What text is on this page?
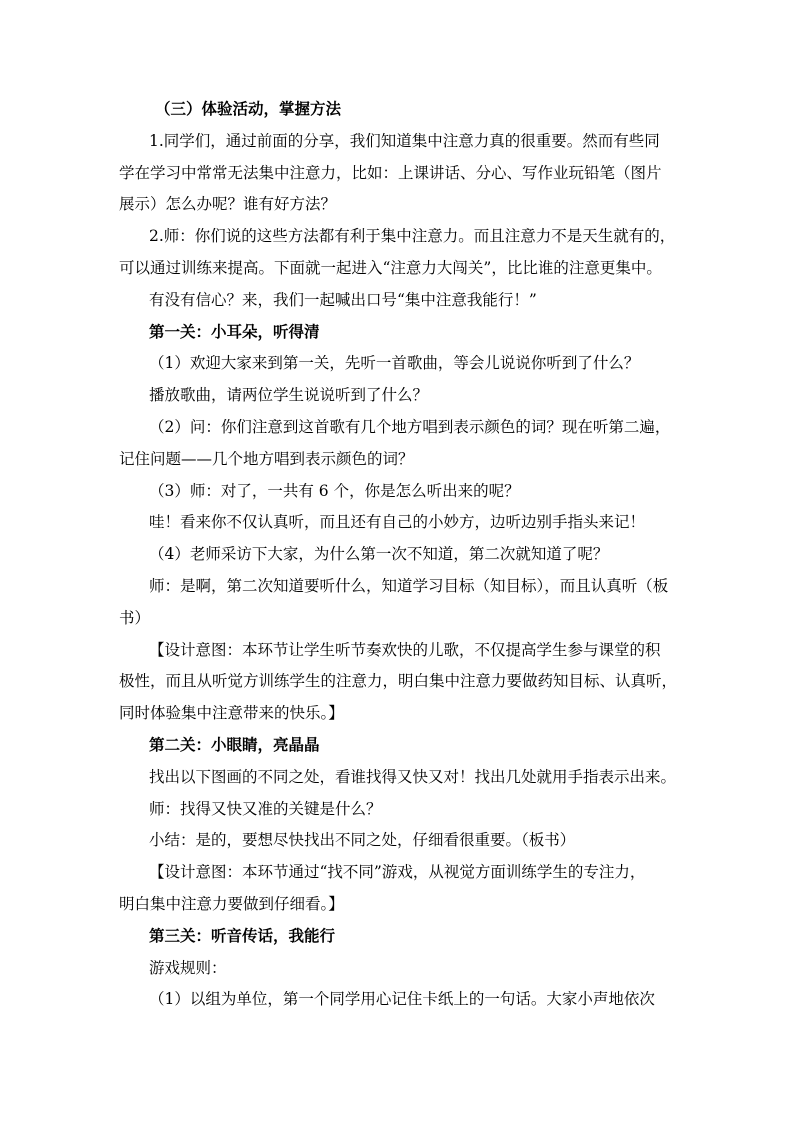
（三）体验活动，掌握方法
1.同学们，通过前面的分享，我们知道集中注意力真的很重要。然而有些同
学在学习中常常无法集中注意力，比如：上课讲话、分心、写作业玩铅笔（图片
展示）怎么办呢？谁有好方法？
2.师：你们说的这些方法都有利于集中注意力。而且注意力不是天生就有的，
可以通过训练来提高。下面就一起进入“注意力大闯关”，比比谁的注意更集中。
有没有信心？来，我们一起喊出口号“集中注意我能行！”
第一关：小耳朵，听得清
（1）欢迎大家来到第一关，先听一首歌曲，等会儿说说你听到了什么？
播放歌曲，请两位学生说说听到了什么？
（2）问：你们注意到这首歌有几个地方唱到表示颜色的词？现在听第二遍，
记住问题——几个地方唱到表示颜色的词？
（3）师：对了，一共有 6 个，你是怎么听出来的呢？
哇！看来你不仅认真听，而且还有自己的小妙方，边听边别手指头来记！
（4）老师采访下大家，为什么第一次不知道，第二次就知道了呢？
师：是啊，第二次知道要听什么，知道学习目标（知目标），而且认真听（板
书）
【设计意图：本环节让学生听节奏欢快的儿歌，不仅提高学生参与课堂的积
极性，而且从听觉方训练学生的注意力，明白集中注意力要做药知目标、认真听，
同时体验集中注意带来的快乐。】
第二关：小眼睛，亮晶晶
找出以下图画的不同之处，看谁找得又快又对！找出几处就用手指表示出来。
师：找得又快又准的关键是什么？
小结：是的，要想尽快找出不同之处，仔细看很重要。（板书）
【设计意图：本环节通过“找不同”游戏，从视觉方面训练学生的专注力，
明白集中注意力要做到仔细看。】
第三关：听音传话，我能行
游戏规则：
（1）以组为单位，第一个同学用心记住卡纸上的一句话。大家小声地依次
